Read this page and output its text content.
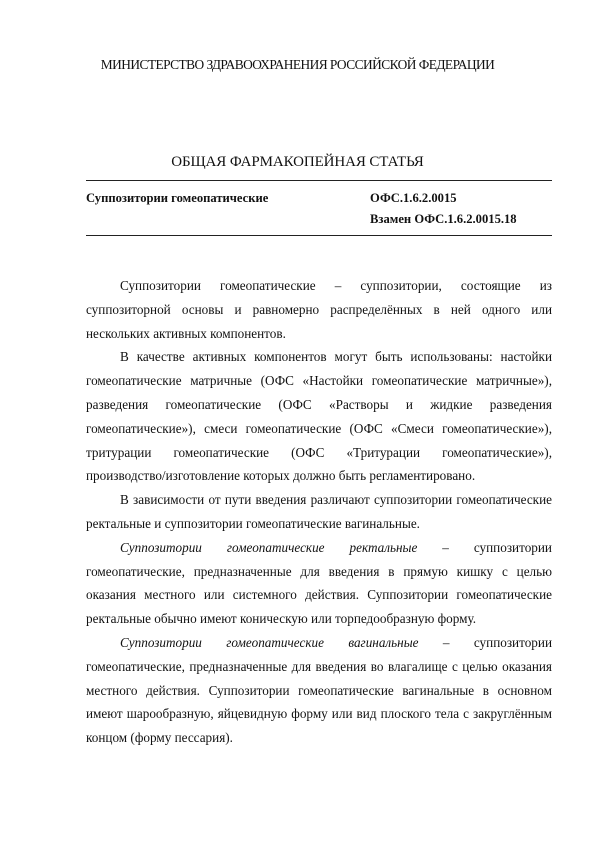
МИНИСТЕРСТВО ЗДРАВООХРАНЕНИЯ РОССИЙСКОЙ ФЕДЕРАЦИИ
ОБЩАЯ ФАРМАКОПЕЙНАЯ СТАТЬЯ
Суппозитории гомеопатические	ОФС.1.6.2.0015
Взамен ОФС.1.6.2.0015.18

Суппозитории гомеопатические – суппозитории, состоящие из суппозиторной основы и равномерно распределённых в ней одного или нескольких активных компонентов.

В качестве активных компонентов могут быть использованы: настойки гомеопатические матричные (ОФС «Настойки гомеопатические матричные»), разведения гомеопатические (ОФС «Растворы и жидкие разведения гомеопатические»), смеси гомеопатические (ОФС «Смеси гомеопатические»), тритурации гомеопатические (ОФС «Тритурации гомеопатические»), производство/изготовление которых должно быть регламентировано.

В зависимости от пути введения различают суппозитории гомеопатические ректальные и суппозитории гомеопатические вагинальные.

Суппозитории гомеопатические ректальные – суппозитории гомеопатические, предназначенные для введения в прямую кишку с целью оказания местного или системного действия. Суппозитории гомеопатические ректальные обычно имеют коническую или торпедообразную форму.

Суппозитории гомеопатические вагинальные – суппозитории гомеопатические, предназначенные для введения во влагалище с целью оказания местного действия. Суппозитории гомеопатические вагинальные в основном имеют шарообразную, яйцевидную форму или вид плоского тела с закруглённым концом (форму пессария).
